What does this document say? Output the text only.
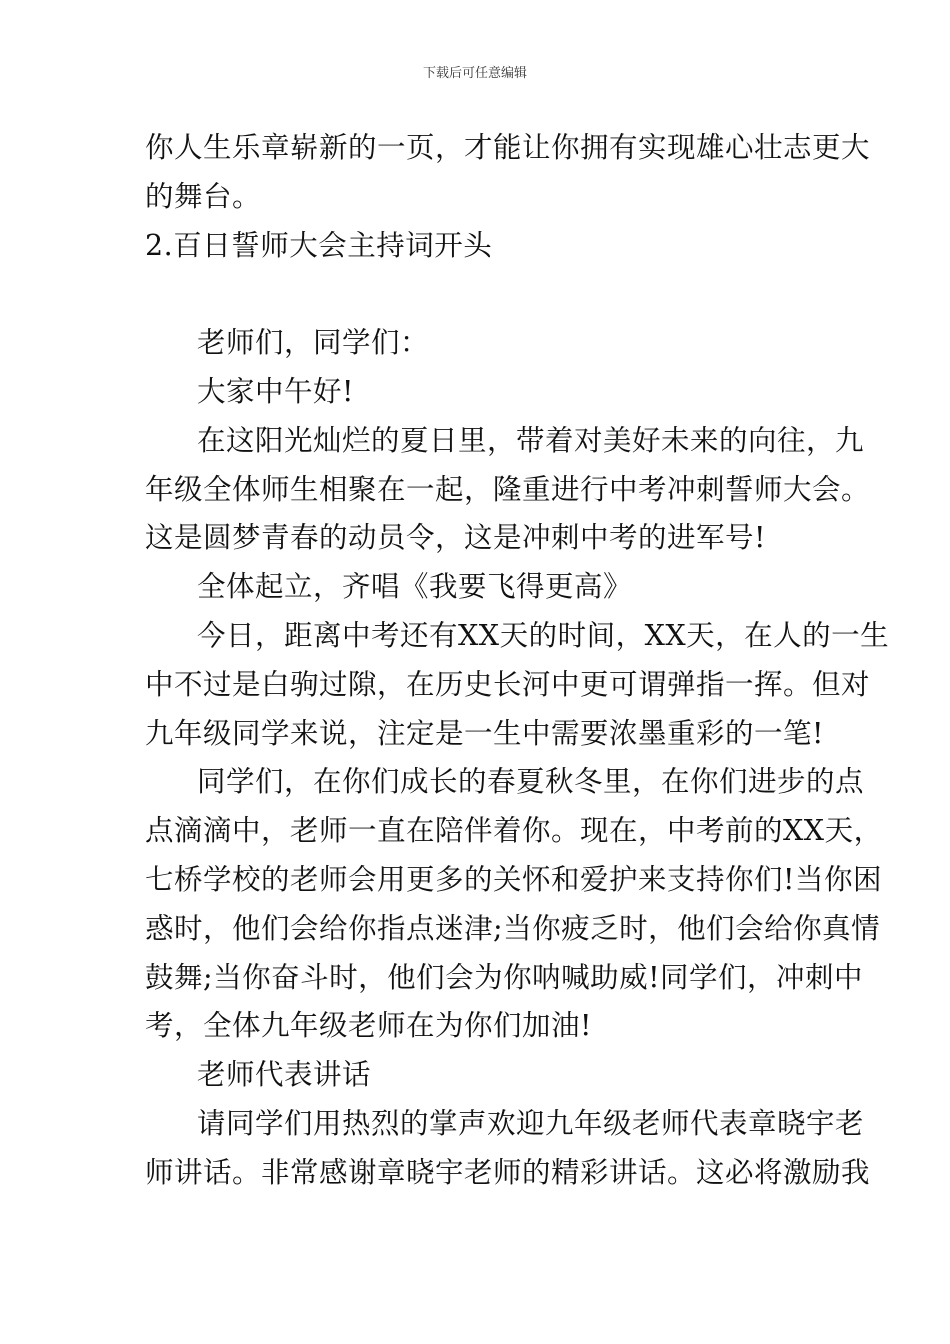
下载后可任意编辑
你人生乐章崭新的一页，才能让你拥有实现雄心壮志更大
的舞台。
2.百日誓师大会主持词开头
老师们，同学们：
大家中午好!
在这阳光灿烂的夏日里，带着对美好未来的向往，九
年级全体师生相聚在一起，隆重进行中考冲刺誓师大会。
这是圆梦青春的动员令，这是冲刺中考的进军号!
全体起立，齐唱《我要飞得更高》
今日，距离中考还有XX天的时间，XX天，在人的一生
中不过是白驹过隙，在历史长河中更可谓弹指一挥。但对
九年级同学来说，注定是一生中需要浓墨重彩的一笔!
同学们，在你们成长的春夏秋冬里，在你们进步的点
点滴滴中，老师一直在陪伴着你。现在，中考前的XX天，
七桥学校的老师会用更多的关怀和爱护来支持你们!当你困
惑时，他们会给你指点迷津;当你疲乏时，他们会给你真情
鼓舞;当你奋斗时，他们会为你呐喊助威!同学们，冲刺中
考，全体九年级老师在为你们加油!
老师代表讲话
请同学们用热烈的掌声欢迎九年级老师代表章晓宇老
师讲话。非常感谢章晓宇老师的精彩讲话。这必将激励我
